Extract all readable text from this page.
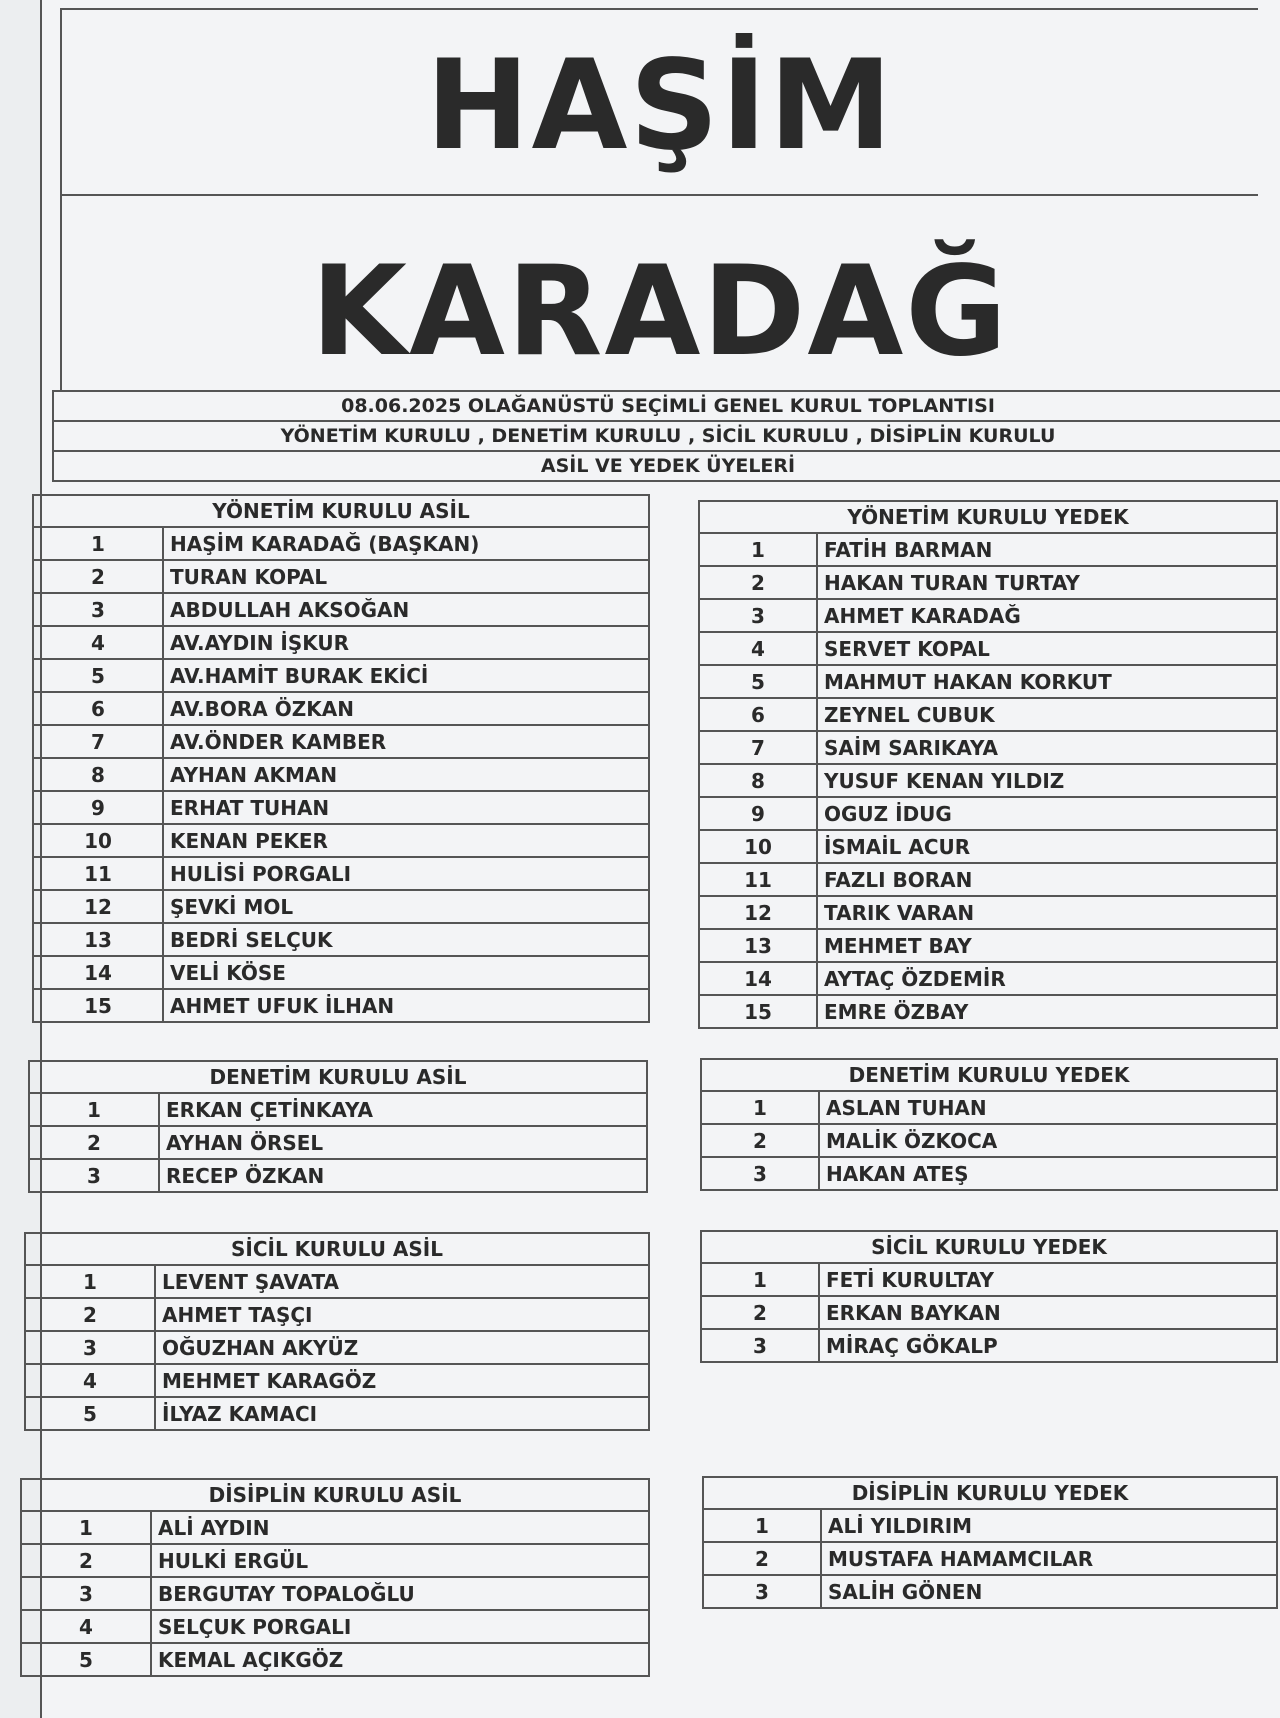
HAŞİM
KARADAĞ
08.06.2025 OLAĞANÜSTÜ SEÇİMLİ GENEL KURUL TOPLANTISI
YÖNETİM KURULU , DENETİM KURULU , SİCİL KURULU , DİSİPLİN KURULU
ASİL VE YEDEK ÜYELERİ
YÖNETİM KURULU ASİL	
1	HAŞİM KARADAĞ (BAŞKAN)
2	TURAN KOPAL
3	ABDULLAH AKSOĞAN
4	AV.AYDIN İŞKUR
5	AV.HAMİT BURAK EKİCİ
6	AV.BORA ÖZKAN
7	AV.ÖNDER KAMBER
8	AYHAN AKMAN
9	ERHAT TUHAN
10	KENAN PEKER
11	HULİSİ PORGALI
12	ŞEVKİ MOL
13	BEDRİ SELÇUK
14	VELİ KÖSE
15	AHMET UFUK İLHAN
YÖNETİM KURULU YEDEK	
1	FATİH BARMAN
2	HAKAN TURAN TURTAY
3	AHMET KARADAĞ
4	SERVET KOPAL
5	MAHMUT HAKAN KORKUT
6	ZEYNEL CUBUK
7	SAİM SARIKAYA
8	YUSUF KENAN YILDIZ
9	OGUZ İDUG
10	İSMAİL ACUR
11	FAZLI BORAN
12	TARIK VARAN
13	MEHMET BAY
14	AYTAÇ ÖZDEMİR
15	EMRE ÖZBAY
DENETİM KURULU ASİL	
1	ERKAN ÇETİNKAYA
2	AYHAN ÖRSEL
3	RECEP ÖZKAN
DENETİM KURULU YEDEK	
1	ASLAN TUHAN
2	MALİK ÖZKOCA
3	HAKAN ATEŞ
SİCİL KURULU ASİL	
1	LEVENT ŞAVATA
2	AHMET TAŞÇI
3	OĞUZHAN AKYÜZ
4	MEHMET KARAGÖZ
5	İLYAZ KAMACI
SİCİL KURULU YEDEK	
1	FETİ KURULTAY
2	ERKAN BAYKAN
3	MİRAÇ GÖKALP
DİSİPLİN KURULU ASİL	
1	ALİ AYDIN
2	HULKİ ERGÜL
3	BERGUTAY TOPALOĞLU
4	SELÇUK PORGALI
5	KEMAL AÇIKGÖZ
DİSİPLİN KURULU YEDEK	
1	ALİ YILDIRIM
2	MUSTAFA HAMAMCILAR
3	SALİH GÖNEN
